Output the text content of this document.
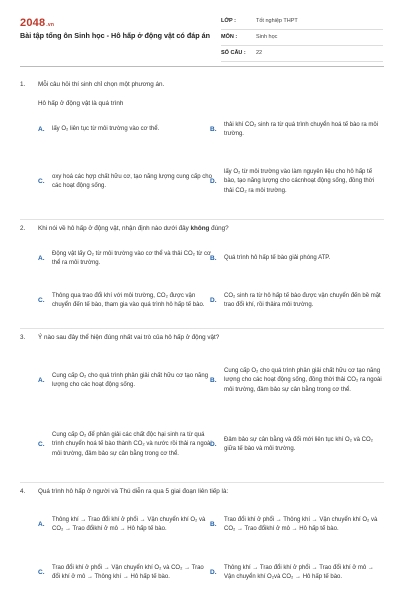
2048.vn
Bài tập tổng ôn Sinh học - Hô hấp ở động vật có đáp án
LỚP :	Tốt nghiệp THPT
MÔN :	Sinh học
SỐ CÂU :	22
1. Mỗi câu hỏi thí sinh chỉ chọn một phương án.
Hô hấp ở động vật là quá trình
A.	lấy O₂ liên tục từ môi trường vào cơ thể.	B.
thải khí CO₂ sinh ra từ quá trình chuyển hoá tế bào ra môi trường.
C.
oxy hoá các hợp chất hữu cơ, tạo năng lượng cung cấp cho các hoạt động sống.
D.
lấy O₂ từ môi trường vào làm nguyên liệu cho hô hấp tế bào, tạo năng lượng cho cácnhoạt động sống, đồng thời thải CO₂ ra môi trường.
2. Khi nói về hô hấp ở động vật, nhận định nào dưới đây không đúng?
A.
Động vật lấy O₂ từ môi trường vào cơ thể và thải CO₂ từ cơ thể ra môi trường.
B.	Quá trình hô hấp tế bào giải phóng ATP.
C.
Thông qua trao đổi khí với môi trường, CO₂ được vận chuyển đến tế bào, tham gia vào quá trình hô hấp tế bào.
D.
CO₂ sinh ra từ hô hấp tế bào được vận chuyển đến bề mặt trao đổi khí, rồi thảira môi trường.
3. Ý nào sau đây thể hiện đúng nhất vai trò của hô hấp ở động vật?
A.
Cung cấp O₂ cho quá trình phân giải chất hữu cơ tạo năng lượng cho các hoạt động sống.
B.
Cung cấp O₂ cho quá trình phân giải chất hữu cơ tạo năng lượng cho các hoạt động sống, đồng thời thải CO₂ ra ngoài môi trường, đảm bảo sự cân bằng trong cơ thể.
C.
Cung cấp O₂ để phân giải các chất độc hại sinh ra từ quá trình chuyển hoá tế bào thành CO₂ và nước rồi thải ra ngoài môi trường, đảm bảo sự cân bằng trong cơ thể.
D.
Đảm bảo sự cân bằng và đổi mới liên tục khí O₂ và CO₂ giữa tế bào và môi trường.
4. Quá trình hô hấp ở người và Thú diễn ra qua 5 giai đoạn liên tiếp là:
A.
Thông khí → Trao đổi khí ở phổi → Vận chuyển khí O₂ và CO₂ → Trao đổikhí ở mô → Hô hấp tế bào.
B.
Trao đổi khí ở phổi → Thông khí → Vận chuyển khí O₂ và CO₂ → Trao đổikhí ở mô → Hô hấp tế bào.
C.
Trao đổi khí ở phổi → Vận chuyển khí O₂ và CO₂ → Trao đổi khí ở mô → Thông khí → Hô hấp tế bào.
D.
Thông khí → Trao đổi khí ở phổi → Trao đổi khí ở mô → Vận chuyển khí O₂và CO₂ → Hô hấp tế bào.
